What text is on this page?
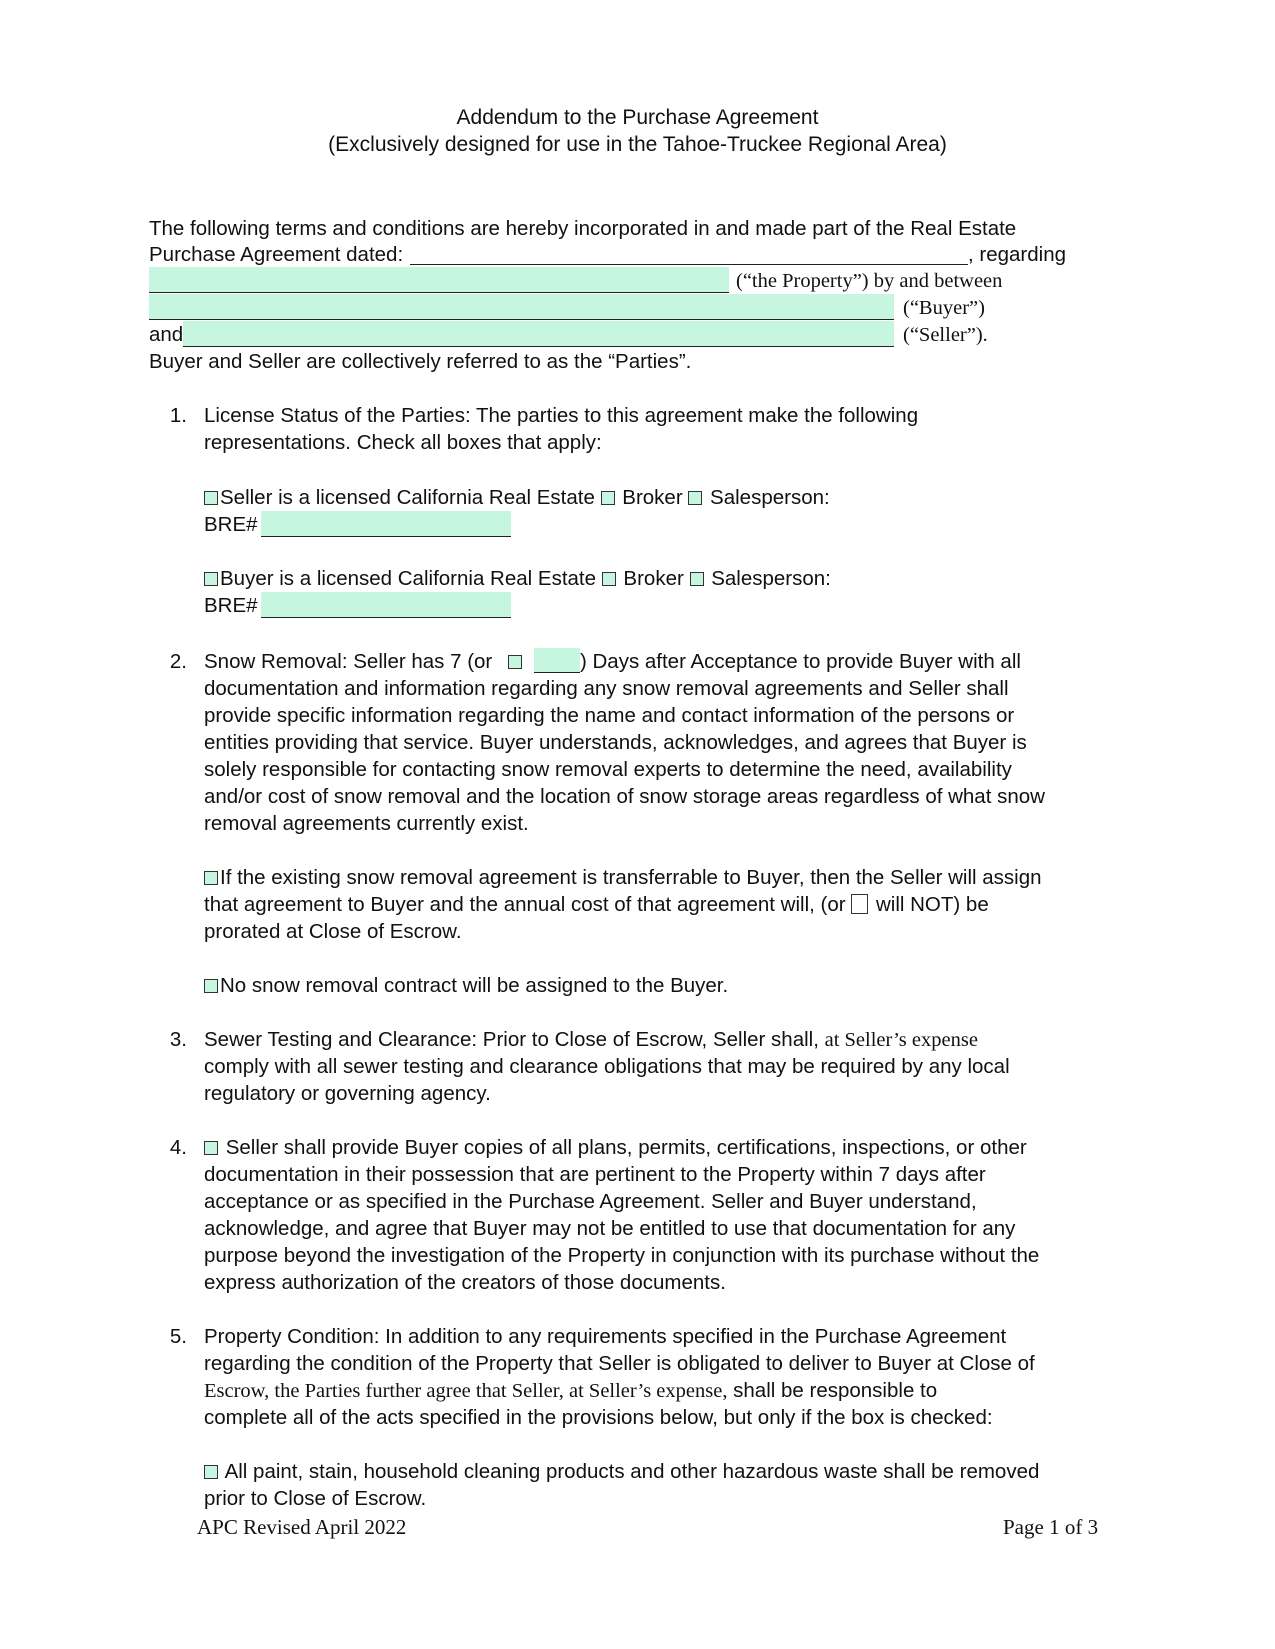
Addendum to the Purchase Agreement
(Exclusively designed for use in the Tahoe-Truckee Regional Area)
The following terms and conditions are hereby incorporated in and made part of the Real Estate
Purchase Agreement dated:	, regarding
(“the Property”) by and between
(“Buyer”)
and	(“Seller”).
Buyer and Seller are collectively referred to as the “Parties”.
1. License Status of the Parties: The parties to this agreement make the following
representations. Check all boxes that apply:
Seller is a licensed California Real Estate  Broker  Salesperson:
BRE#
Buyer is a licensed California Real Estate  Broker  Salesperson:
BRE#
2. Snow Removal: Seller has 7 (or	) Days after Acceptance to provide Buyer with all
documentation and information regarding any snow removal agreements and Seller shall
provide specific information regarding the name and contact information of the persons or
entities providing that service. Buyer understands, acknowledges, and agrees that Buyer is
solely responsible for contacting snow removal experts to determine the need, availability
and/or cost of snow removal and the location of snow storage areas regardless of what snow
removal agreements currently exist.
If the existing snow removal agreement is transferrable to Buyer, then the Seller will assign
that agreement to Buyer and the annual cost of that agreement will, (or  will NOT) be
prorated at Close of Escrow.
No snow removal contract will be assigned to the Buyer.
3. Sewer Testing and Clearance: Prior to Close of Escrow, Seller shall, at Seller’s expense
comply with all sewer testing and clearance obligations that may be required by any local
regulatory or governing agency.
4.	Seller shall provide Buyer copies of all plans, permits, certifications, inspections, or other
documentation in their possession that are pertinent to the Property within 7 days after
acceptance or as specified in the Purchase Agreement. Seller and Buyer understand,
acknowledge, and agree that Buyer may not be entitled to use that documentation for any
purpose beyond the investigation of the Property in conjunction with its purchase without the
express authorization of the creators of those documents.
5. Property Condition: In addition to any requirements specified in the Purchase Agreement
regarding the condition of the Property that Seller is obligated to deliver to Buyer at Close of
Escrow, the Parties further agree that Seller, at Seller’s expense, shall be responsible to
complete all of the acts specified in the provisions below, but only if the box is checked:
All paint, stain, household cleaning products and other hazardous waste shall be removed
prior to Close of Escrow.
APC Revised April 2022	Page 1 of 3
